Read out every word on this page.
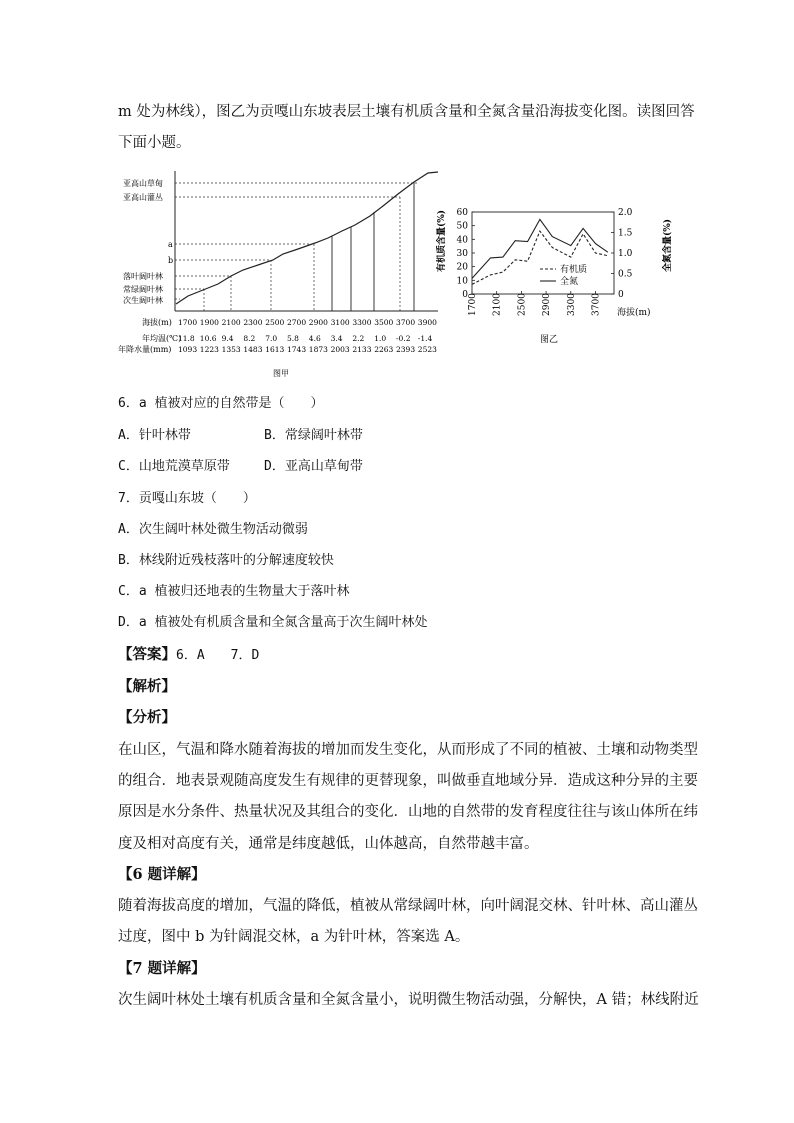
m 处为林线），图乙为贡嘎山东坡表层土壤有机质含量和全氮含量沿海拔变化图。读图回答
下面小题。
亚高山草甸
亚高山灌丛
a
b
落叶阔叶林
常绿阔叶林
次生阔叶林
海拔(m)
年均温(℃)
年降水量(mm)
1700 1900 2100 2300 2500 2700 2900 3100 3300 3500 3700 3900
11.8 10.6 9.4 8.2 7.0 5.8 4.6 3.4 2.2 1.0 -0.2 -1.4
1093 1223 1353 1483 1613 1743 1873 2003 2133 2263 2393 2523
图甲
0
10
20
30
40
50
60
0
0.5
1.0
1.5
2.0
1700 2100 2500 2900 3300 3700 海拔(m)
有机质含量(%)	全氮含量(%)
有机质
全氮
图乙
6．a 植被对应的自然带是（　　）
A．针叶林带	B．常绿阔叶林带
C．山地荒漠草原带	D．亚高山草甸带
7．贡嘎山东坡（　　）
A．次生阔叶林处微生物活动微弱
B．林线附近残枝落叶的分解速度较快
C．a 植被归还地表的生物量大于落叶林
D．a 植被处有机质含量和全氮含量高于次生阔叶林处
【答案】6．A　　7．D
【解析】
【分析】
在山区，气温和降水随着海拔的增加而发生变化，从而形成了不同的植被、土壤和动物类型
的组合．地表景观随高度发生有规律的更替现象，叫做垂直地域分异．造成这种分异的主要
原因是水分条件、热量状况及其组合的变化．山地的自然带的发育程度往往与该山体所在纬
度及相对高度有关，通常是纬度越低，山体越高，自然带越丰富。
【6 题详解】
随着海拔高度的增加，气温的降低，植被从常绿阔叶林，向叶阔混交林、针叶林、高山灌丛
过度，图中 b 为针阔混交林，a 为针叶林，答案选 A。
【7 题详解】
次生阔叶林处土壤有机质含量和全氮含量小，说明微生物活动强，分解快，A 错；林线附近
